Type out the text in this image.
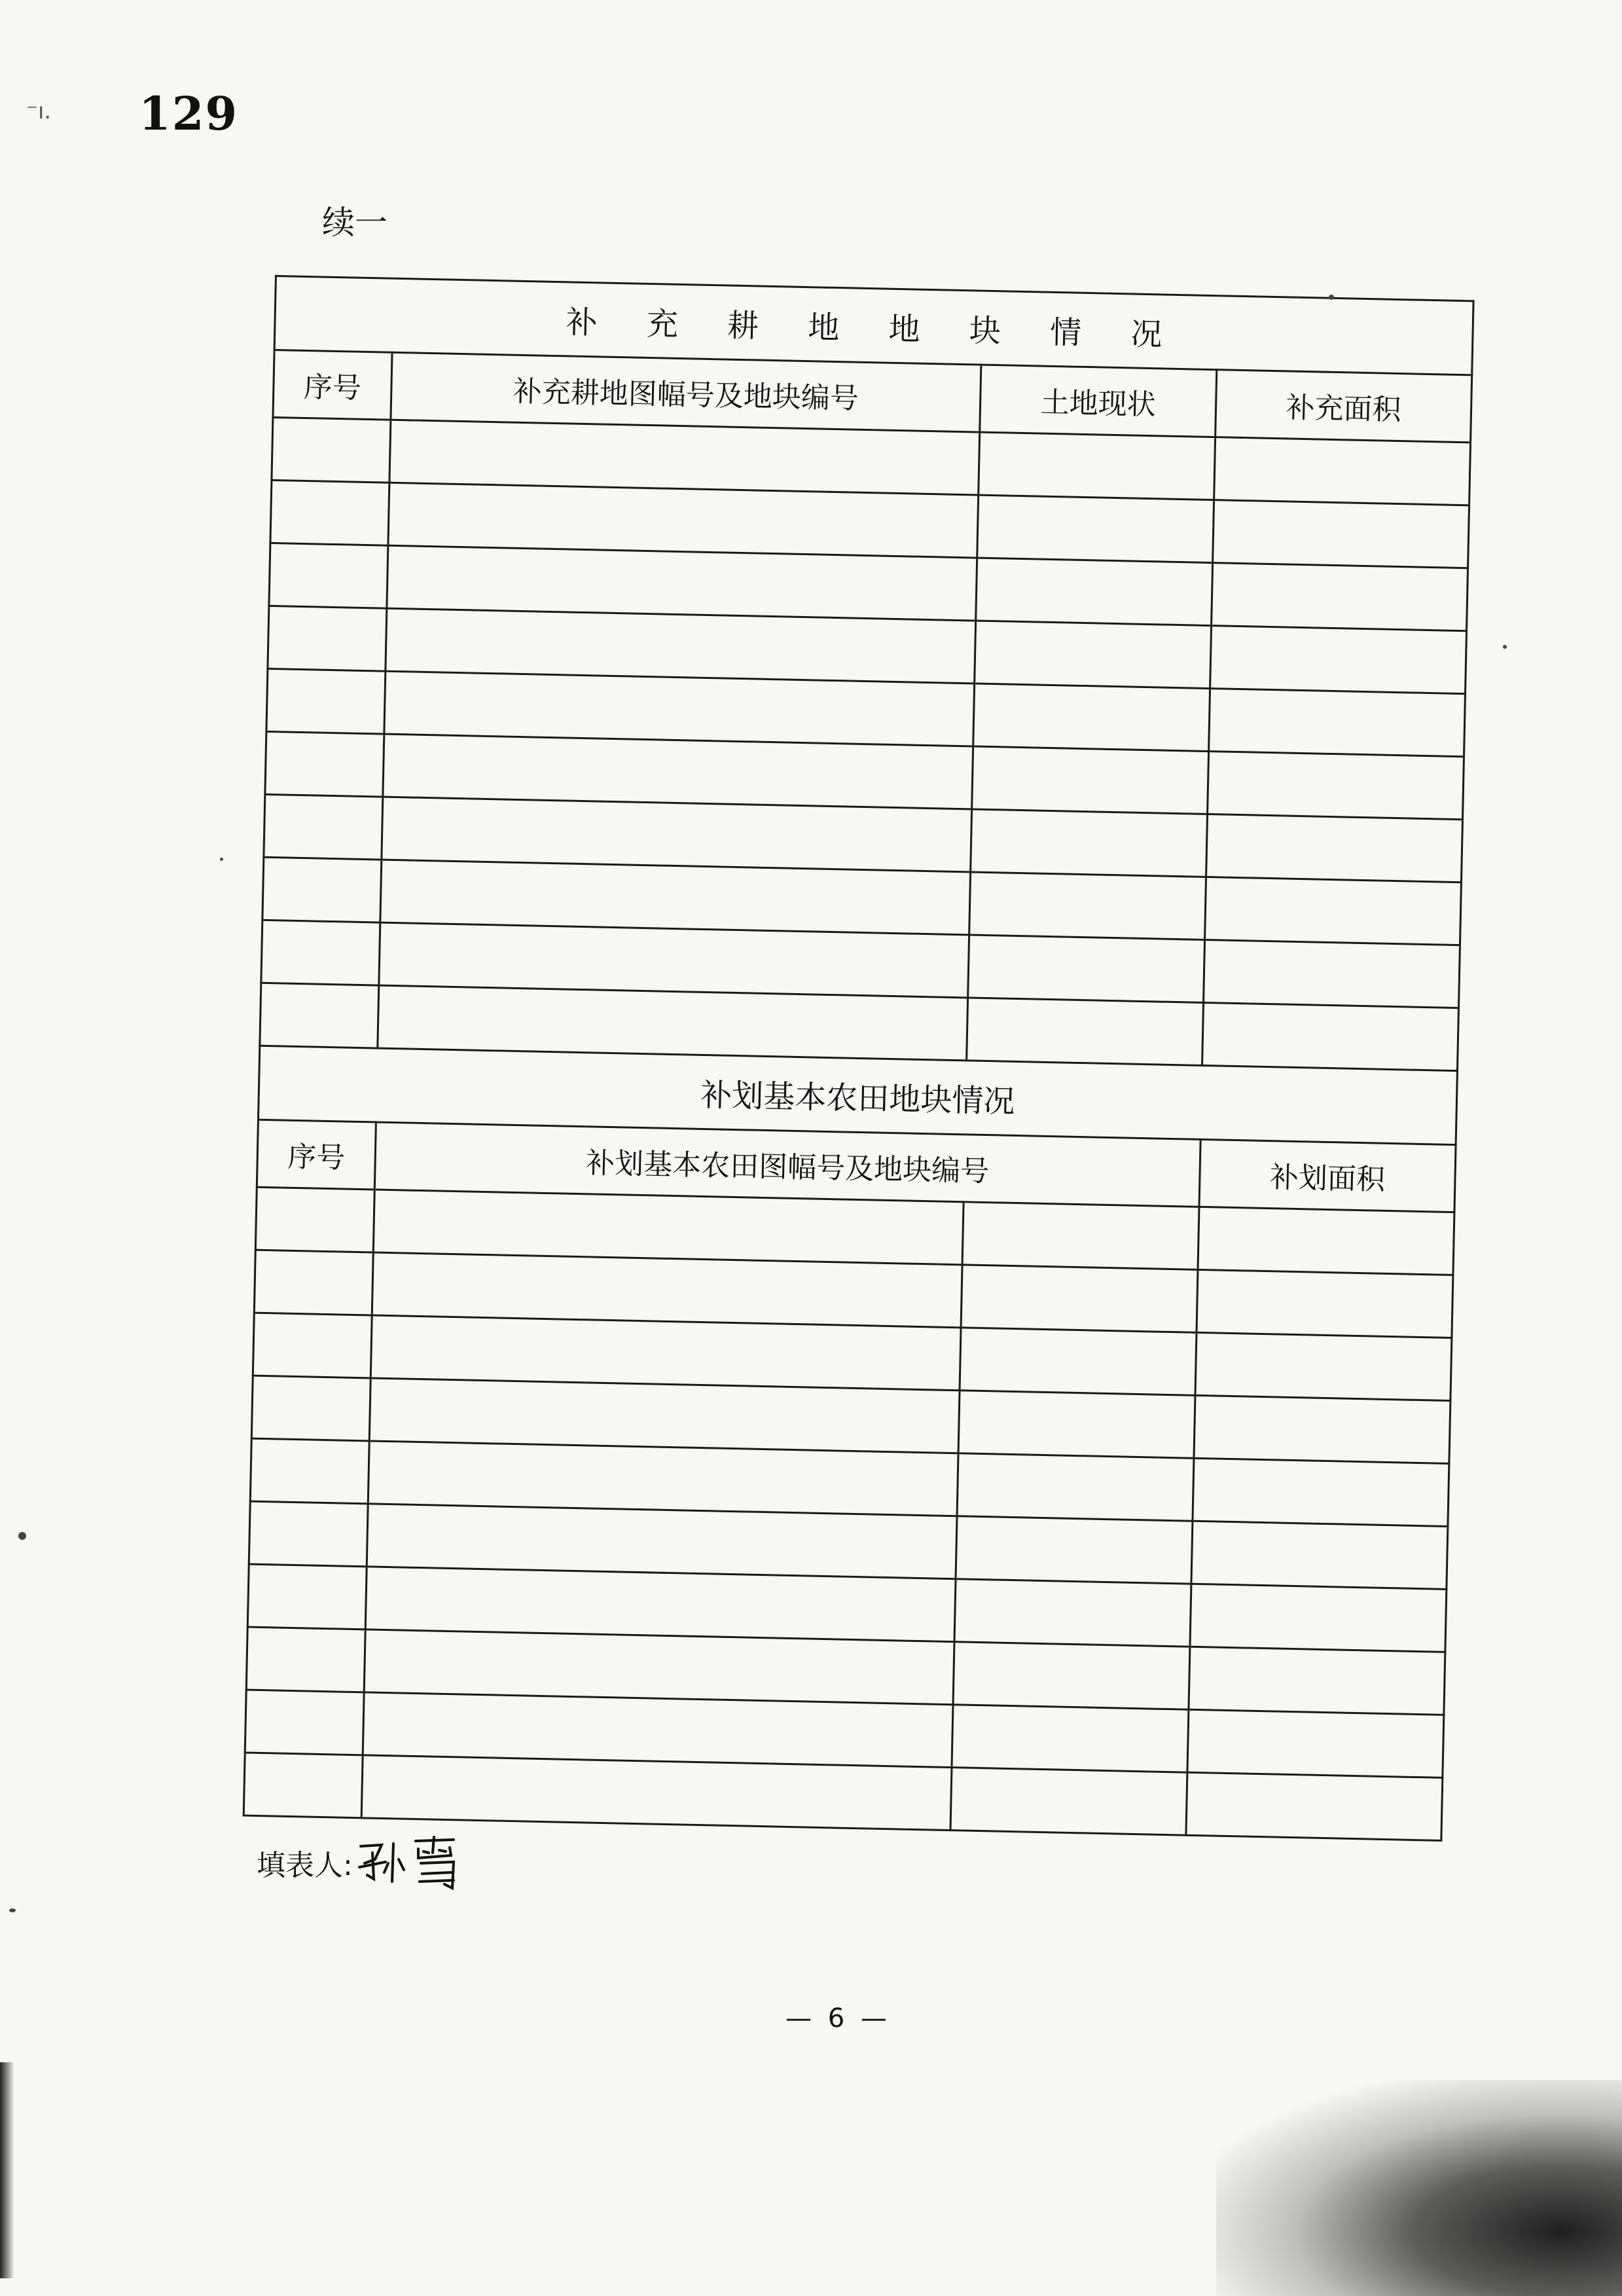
⁻ı. 129
续一
补 充 耕 地 地 块 情 况			
序号	补充耕地图幅号及地块编号	土地现状	补充面积

补划基本农田地块情况			
序号	补划基本农田图幅号及地块编号		补划面积

填表人:
— 6 —
